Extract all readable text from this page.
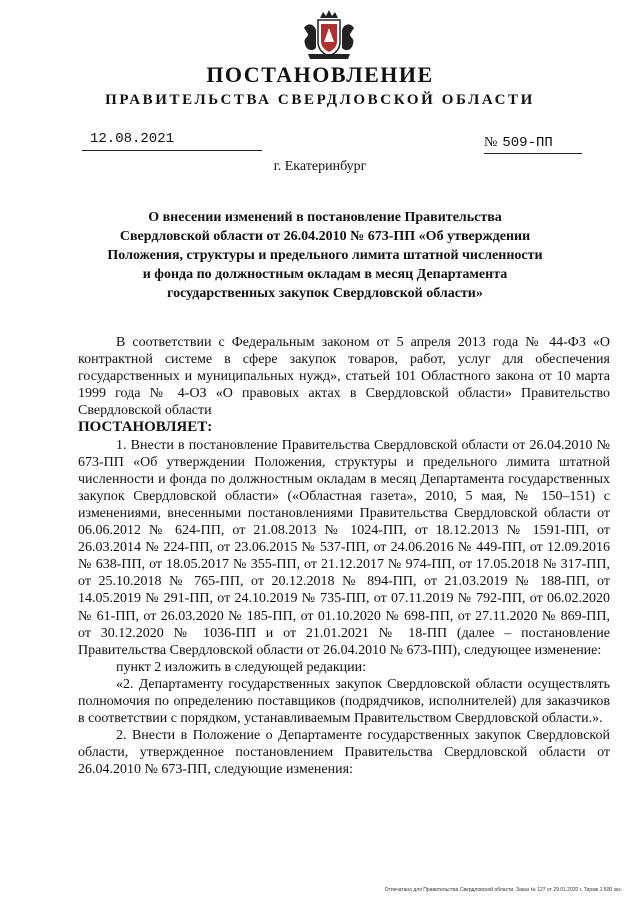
ПОСТАНОВЛЕНИЕ
ПРАВИТЕЛЬСТВА СВЕРДЛОВСКОЙ ОБЛАСТИ
12.08.2021	№ 509-ПП
г. Екатеринбург
О внесении изменений в постановление Правительства
Свердловской области от 26.04.2010 № 673-ПП «Об утверждении
Положения, структуры и предельного лимита штатной численности
и фонда по должностным окладам в месяц Департамента
государственных закупок Свердловской области»

В соответствии с Федеральным законом от 5 апреля 2013 года № 44-ФЗ «О контрактной системе в сфере закупок товаров, работ, услуг для обеспечения государственных и муниципальных нужд», статьей 101 Областного закона от 10 марта 1999 года № 4-ОЗ «О правовых актах в Свердловской области» Правительство Свердловской области

ПОСТАНОВЛЯЕТ:

1. Внести в постановление Правительства Свердловской области от 26.04.2010 № 673-ПП «Об утверждении Положения, структуры и предельного лимита штатной численности и фонда по должностным окладам в месяц Департамента государственных закупок Свердловской области» («Областная газета», 2010, 5 мая, № 150–151) с изменениями, внесенными постановлениями Правительства Свердловской области от 06.06.2012 № 624-ПП, от 21.08.2013 № 1024-ПП, от 18.12.2013 № 1591-ПП, от 26.03.2014 № 224-ПП, от 23.06.2015 № 537-ПП, от 24.06.2016 № 449-ПП, от 12.09.2016 № 638-ПП, от 18.05.2017 № 355-ПП, от 21.12.2017 № 974-ПП, от 17.05.2018 № 317-ПП, от 25.10.2018 № 765-ПП, от 20.12.2018 № 894-ПП, от 21.03.2019 № 188-ПП, от 14.05.2019 № 291-ПП, от 24.10.2019 № 735-ПП, от 07.11.2019 № 792-ПП, от 06.02.2020 № 61-ПП, от 26.03.2020 № 185-ПП, от 01.10.2020 № 698-ПП, от 27.11.2020 № 869-ПП, от 30.12.2020 № 1036-ПП и от 21.01.2021 № 18-ПП (далее – постановление Правительства Свердловской области от 26.04.2010 № 673-ПП), следующее изменение:

пункт 2 изложить в следующей редакции:

«2. Департаменту государственных закупок Свердловской области осуществлять полномочия по определению поставщиков (подрядчиков, исполнителей) для заказчиков в соответствии с порядком, устанавливаемым Правительством Свердловской области.».

2. Внести в Положение о Департаменте государственных закупок Свердловской области, утвержденное постановлением Правительства Свердловской области от 26.04.2010 № 673-ПП, следующие изменения:

Отпечатано для Правительства Свердловской области. Заказ № 127 от 29.01.2020 г. Тираж 1 500 экз.
